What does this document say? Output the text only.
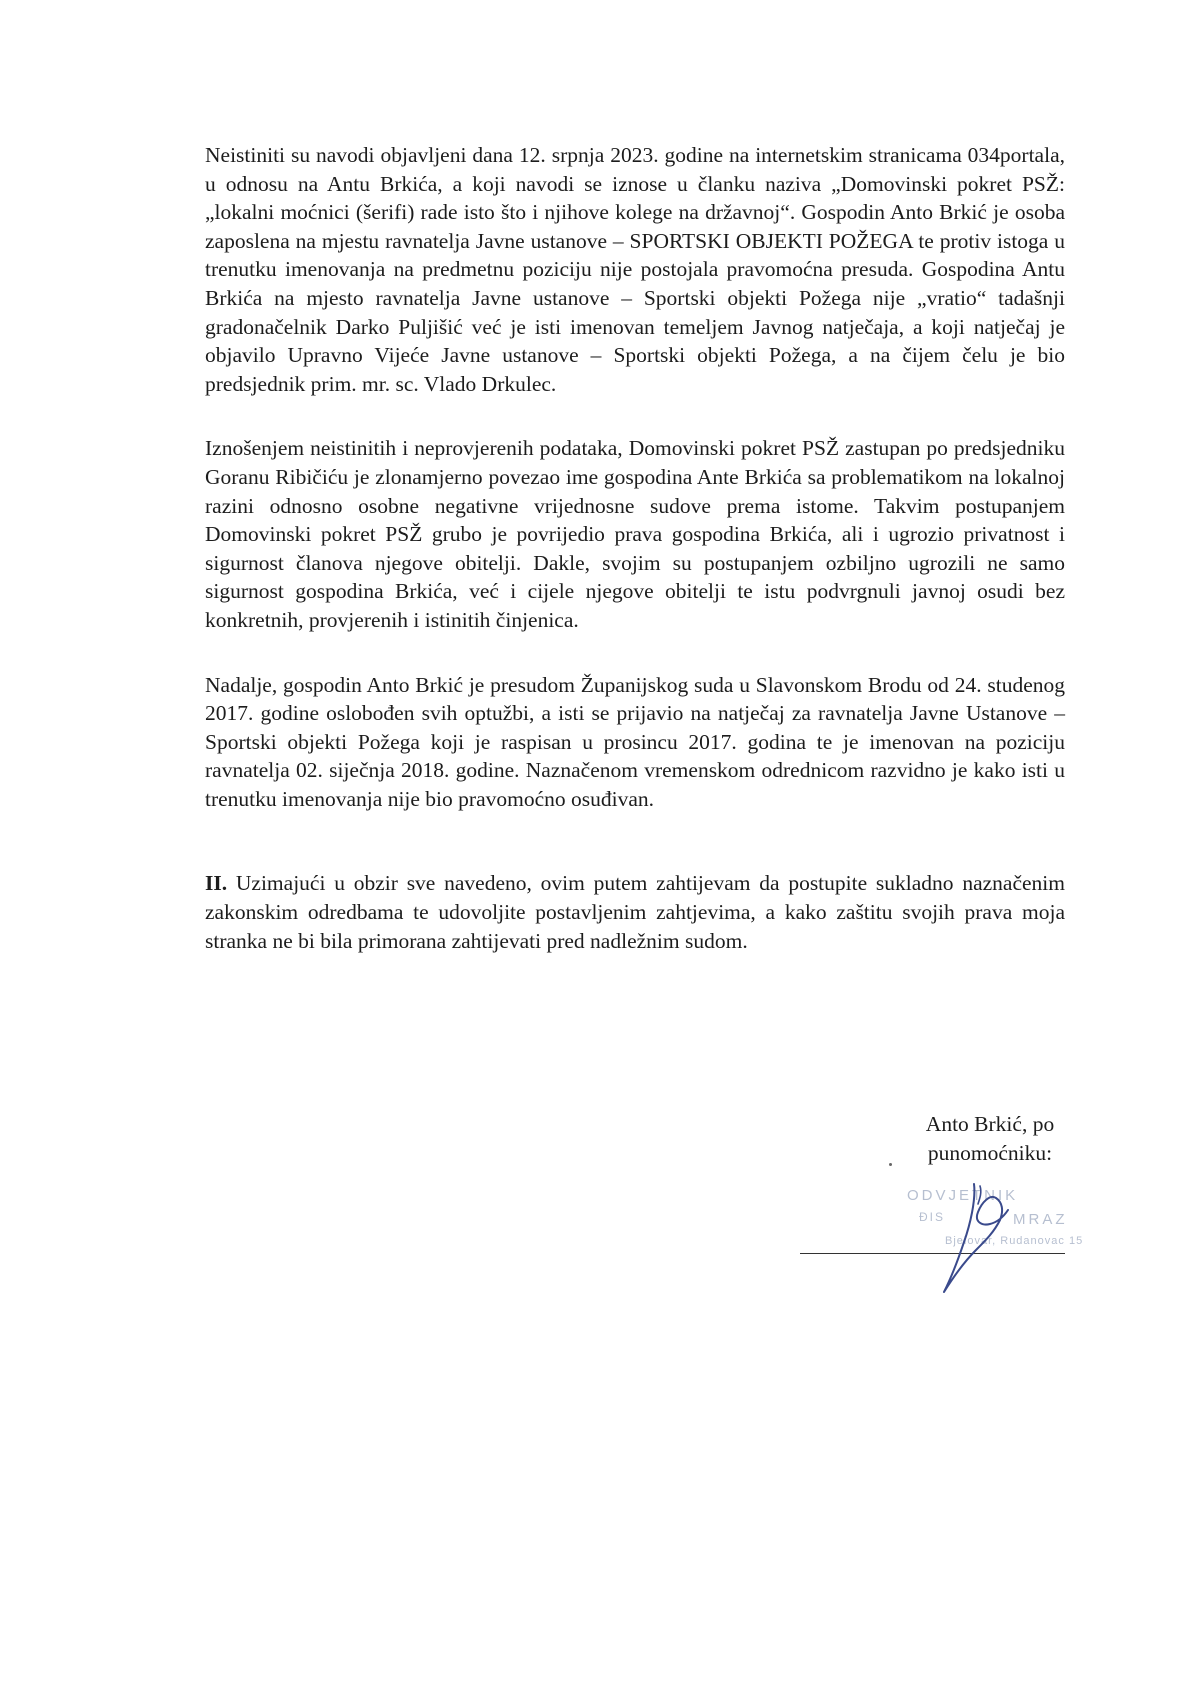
Neistiniti su navodi objavljeni dana 12. srpnja 2023. godine na internetskim stranicama 034portala, u odnosu na Antu Brkića, a koji navodi se iznose u članku naziva „Domovinski pokret PSŽ: „lokalni moćnici (šerifi) rade isto što i njihove kolege na državnoj“. Gospodin Anto Brkić je osoba zaposlena na mjestu ravnatelja Javne ustanove – SPORTSKI OBJEKTI POŽEGA te protiv istoga u trenutku imenovanja na predmetnu poziciju nije postojala pravomoćna presuda. Gospodina Antu Brkića na mjesto ravnatelja Javne ustanove – Sportski objekti Požega nije „vratio“ tadašnji gradonačelnik Darko Puljišić već je isti imenovan temeljem Javnog natječaja, a koji natječaj je objavilo Upravno Vijeće Javne ustanove – Sportski objekti Požega, a na čijem čelu je bio predsjednik prim. mr. sc. Vlado Drkulec.

Iznošenjem neistinitih i neprovjerenih podataka, Domovinski pokret PSŽ zastupan po predsjedniku Goranu Ribičiću je zlonamjerno povezao ime gospodina Ante Brkića sa problematikom na lokalnoj razini odnosno osobne negativne vrijednosne sudove prema istome. Takvim postupanjem Domovinski pokret PSŽ grubo je povrijedio prava gospodina Brkića, ali i ugrozio privatnost i sigurnost članova njegove obitelji. Dakle, svojim su postupanjem ozbiljno ugrozili ne samo sigurnost gospodina Brkića, već i cijele njegove obitelji te istu podvrgnuli javnoj osudi bez konkretnih, provjerenih i istinitih činjenica.

Nadalje, gospodin Anto Brkić je presudom Županijskog suda u Slavonskom Brodu od 24. studenog 2017. godine oslobođen svih optužbi, a isti se prijavio na natječaj za ravnatelja Javne Ustanove – Sportski objekti Požega koji je raspisan u prosincu 2017. godina te je imenovan na poziciju ravnatelja 02. siječnja 2018. godine. Naznačenom vremenskom odrednicom razvidno je kako isti u trenutku imenovanja nije bio pravomoćno osuđivan.

II. Uzimajući u obzir sve navedeno, ovim putem zahtijevam da postupite sukladno naznačenim zakonskim odredbama te udovoljite postavljenim zahtjevima, a kako zaštitu svojih prava moja stranka ne bi bila primorana zahtijevati pred nadležnim sudom.

Anto Brkić, po
punomoćniku:
ODVJETNIK
ĐIS	MRAZ
Bjelovar, Rudanovac 15
